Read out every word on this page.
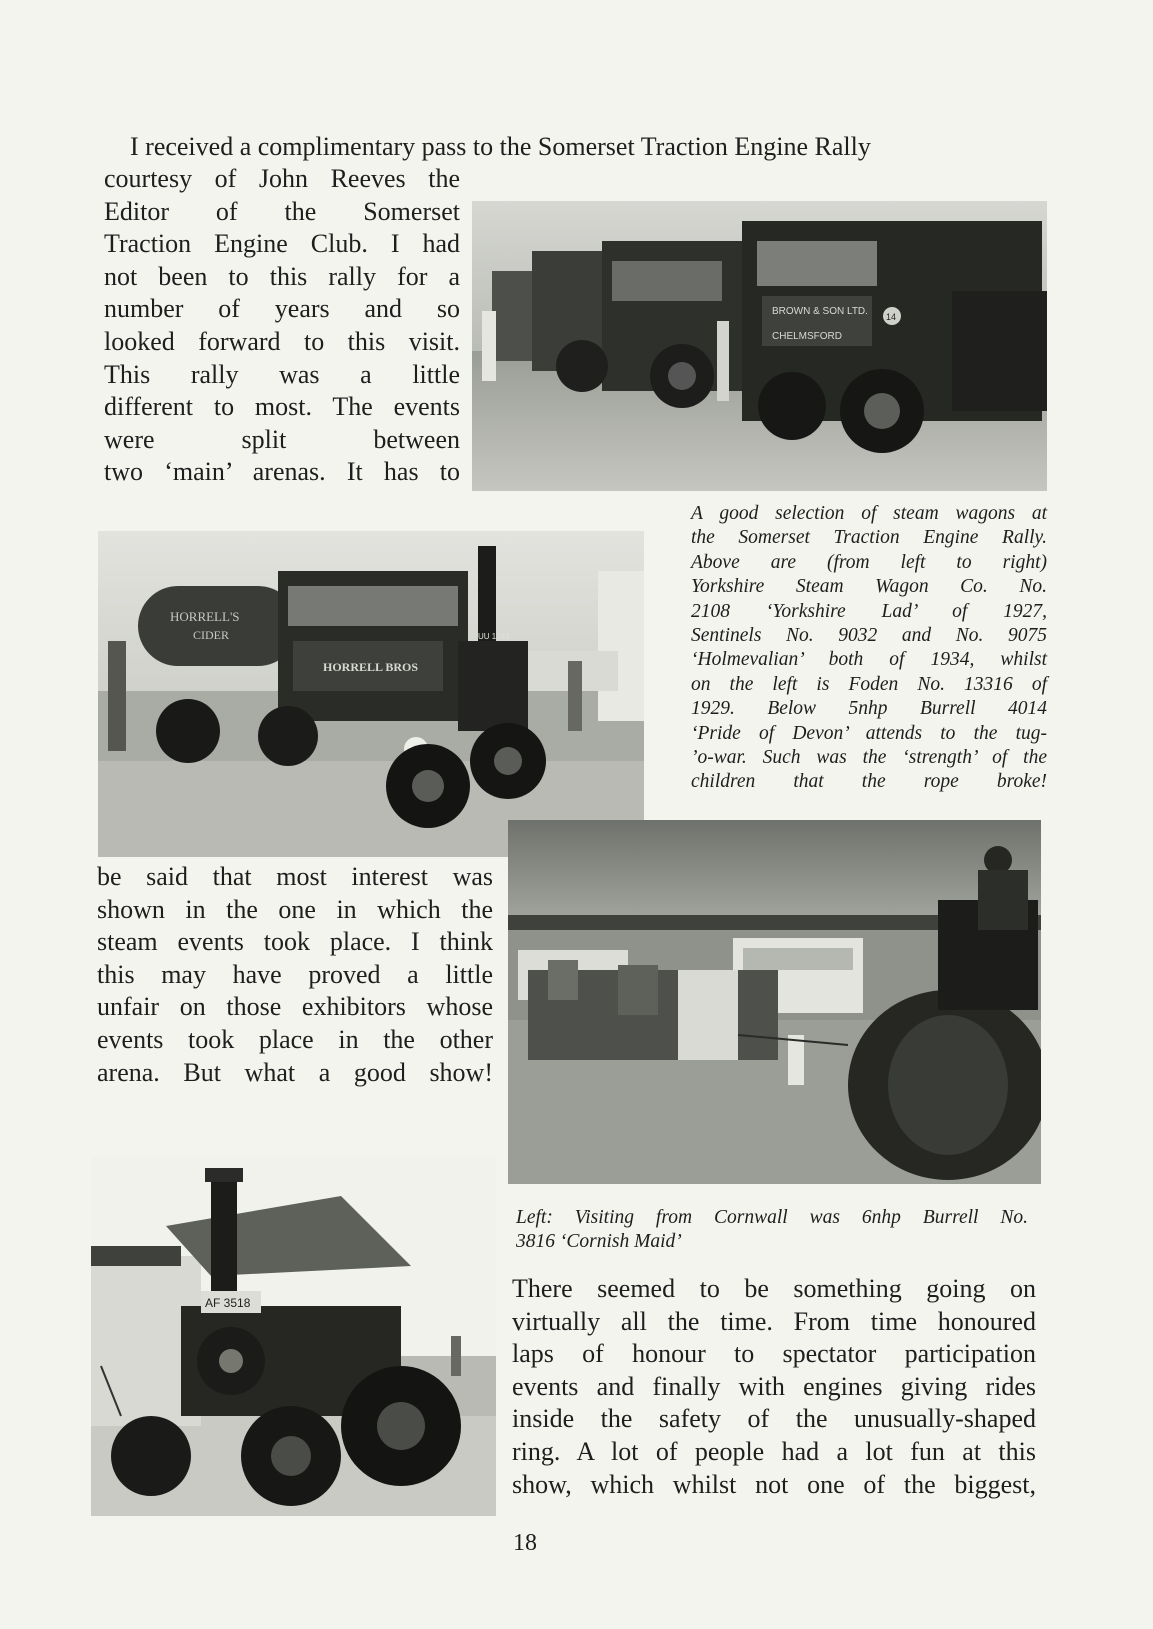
I received a complimentary pass to the Somerset Traction Engine Rally

courtesy of John Reeves the

Editor of the Somerset

Traction Engine Club. I had

not been to this rally for a

number of years and so

looked forward to this visit.

This rally was a little

different to most. The events

were split between

two ‘main’ arenas. It has to

BROWN & SON LTD.
CHELMSFORD
14
HORRELL'S
CIDER
HORRELL BROS
UU 1283

A good selection of steam wagons at

the Somerset Traction Engine Rally.

Above are (from left to right)

Yorkshire Steam Wagon Co. No.

2108 ‘Yorkshire Lad’ of 1927,

Sentinels No. 9032 and No. 9075

‘Holmevalian’ both of 1934, whilst

on the left is Foden No. 13316 of

1929. Below 5nhp Burrell 4014

‘Pride of Devon’ attends to the tug-

’o-war. Such was the ‘strength’ of the

children that the rope broke!

be said that most interest was

shown in the one in which the

steam events took place. I think

this may have proved a little

unfair on those exhibitors whose

events took place in the other

arena. But what a good show!

Left: Visiting from Cornwall was 6nhp Burrell No.

3816 ‘Cornish Maid’

AF 3518	There seemed to be something going on

virtually all the time. From time honoured

laps of honour to spectator participation

events and finally with engines giving rides

inside the safety of the unusually-shaped

ring. A lot of people had a lot fun at this

show, which whilst not one of the biggest,

18
